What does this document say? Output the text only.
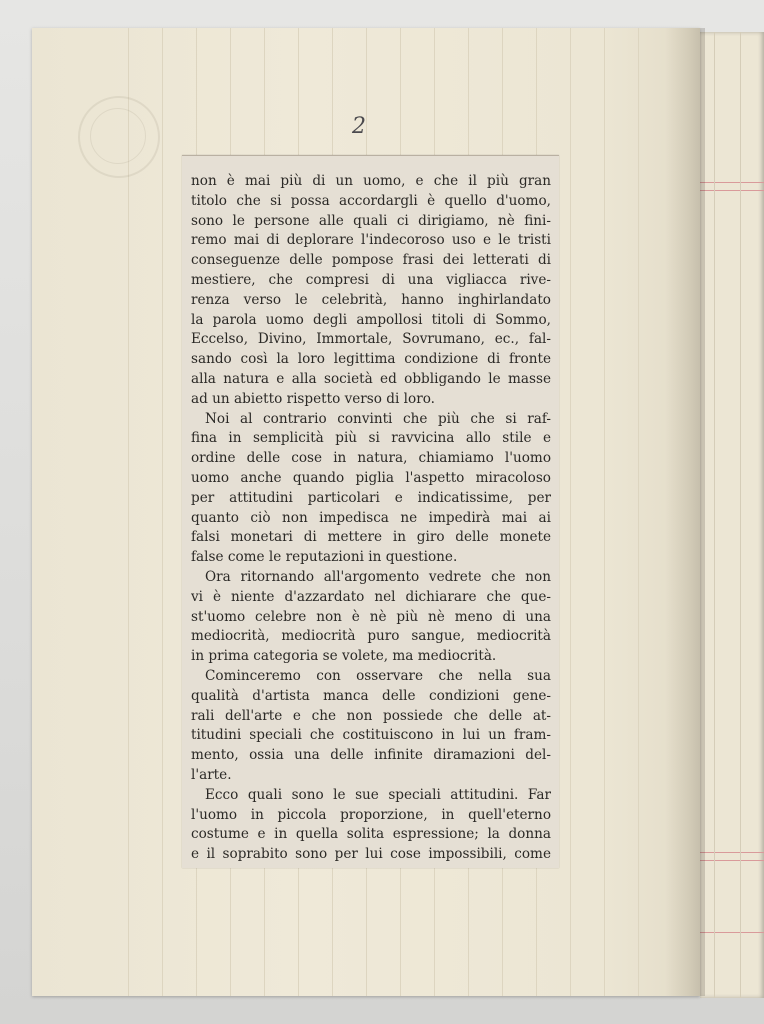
2
non è mai più di un uomo, e che il più gran
titolo che si possa accordargli è quello d'uomo,
sono le persone alle quali ci dirigiamo, nè fini-
remo mai di deplorare l'indecoroso uso e le tristi
conseguenze delle pompose frasi dei letterati di
mestiere, che compresi di una vigliacca rive-
renza verso le celebrità, hanno inghirlandato
la parola uomo degli ampollosi titoli di Sommo,
Eccelso, Divino, Immortale, Sovrumano, ec., fal-
sando così la loro legittima condizione di fronte
alla natura e alla società ed obbligando le masse
ad un abietto rispetto verso di loro.
Noi al contrario convinti che più che si raf-
fina in semplicità più si ravvicina allo stile e
ordine delle cose in natura, chiamiamo l'uomo
uomo anche quando piglia l'aspetto miracoloso
per attitudini particolari e indicatissime, per
quanto ciò non impedisca ne impedirà mai ai
falsi monetari di mettere in giro delle monete
false come le reputazioni in questione.
Ora ritornando all'argomento vedrete che non
vi è niente d'azzardato nel dichiarare che que-
st'uomo celebre non è nè più nè meno di una
mediocrità, mediocrità puro sangue, mediocrità
in prima categoria se volete, ma mediocrità.
Cominceremo con osservare che nella sua
qualità d'artista manca delle condizioni gene-
rali dell'arte e che non possiede che delle at-
titudini speciali che costituiscono in lui un fram-
mento, ossia una delle infinite diramazioni del-
l'arte.
Ecco quali sono le sue speciali attitudini. Far
l'uomo in piccola proporzione, in quell'eterno
costume e in quella solita espressione; la donna
e il soprabito sono per lui cose impossibili, come
